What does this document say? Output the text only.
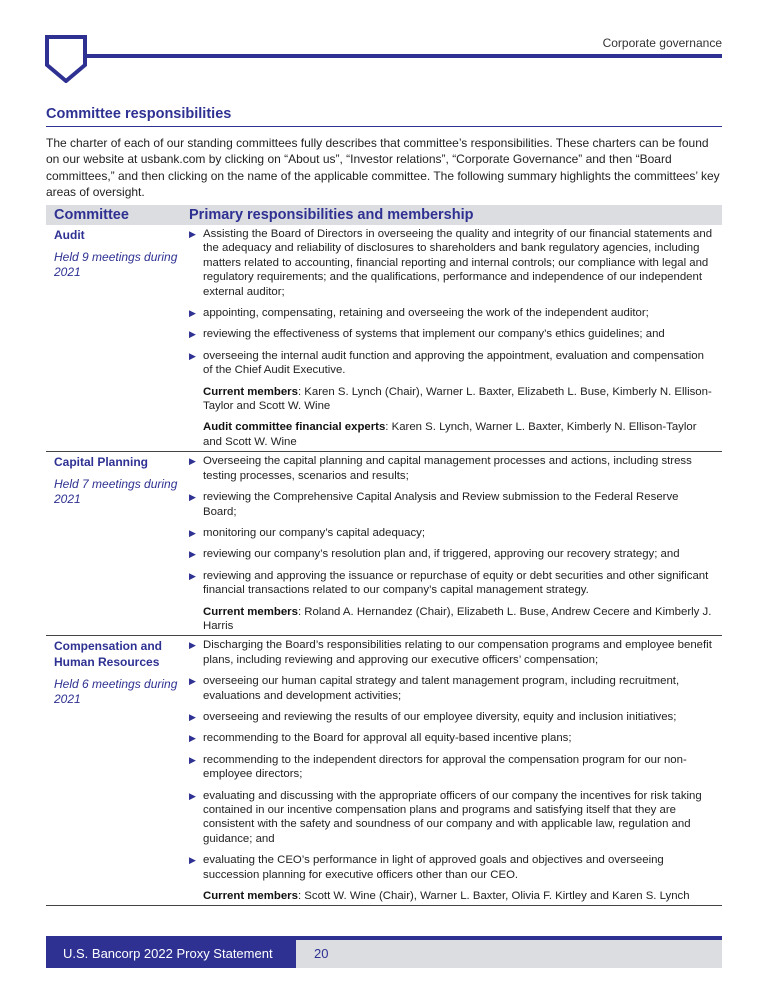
Corporate governance
Committee responsibilities

The charter of each of our standing committees fully describes that committee’s responsibilities. These charters can be found on our website at usbank.com by clicking on “About us”, “Investor relations”, “Corporate Governance” and then “Board committees,” and then clicking on the name of the applicable committee. The following summary highlights the committees’ key areas of oversight.

Committee	Primary responsibilities and membership
Audit
Held 9 meetings during 2021
▶ Assisting the Board of Directors in overseeing the quality and integrity of our financial statements and the adequacy and reliability of disclosures to shareholders and bank regulatory agencies, including matters related to accounting, financial reporting and internal controls; our compliance with legal and regulatory requirements; and the qualifications, performance and independence of our independent external auditor;
▶ appointing, compensating, retaining and overseeing the work of the independent auditor;
▶ reviewing the effectiveness of systems that implement our company’s ethics guidelines; and
▶ overseeing the internal audit function and approving the appointment, evaluation and compensation of the Chief Audit Executive.
Current members: Karen S. Lynch (Chair), Warner L. Baxter, Elizabeth L. Buse, Kimberly N. Ellison-Taylor and Scott W. Wine
Audit committee financial experts: Karen S. Lynch, Warner L. Baxter, Kimberly N. Ellison-Taylor and Scott W. Wine
Capital Planning
Held 7 meetings during 2021
▶ Overseeing the capital planning and capital management processes and actions, including stress testing processes, scenarios and results;
▶ reviewing the Comprehensive Capital Analysis and Review submission to the Federal Reserve Board;
▶ monitoring our company’s capital adequacy;
▶ reviewing our company’s resolution plan and, if triggered, approving our recovery strategy; and
▶ reviewing and approving the issuance or repurchase of equity or debt securities and other significant financial transactions related to our company’s capital management strategy.
Current members: Roland A. Hernandez (Chair), Elizabeth L. Buse, Andrew Cecere and Kimberly J. Harris
Compensation and Human Resources
Held 6 meetings during 2021
▶ Discharging the Board’s responsibilities relating to our compensation programs and employee benefit plans, including reviewing and approving our executive officers’ compensation;
▶ overseeing our human capital strategy and talent management program, including recruitment, evaluations and development activities;
▶ overseeing and reviewing the results of our employee diversity, equity and inclusion initiatives;
▶ recommending to the Board for approval all equity-based incentive plans;
▶ recommending to the independent directors for approval the compensation program for our non-employee directors;
▶ evaluating and discussing with the appropriate officers of our company the incentives for risk taking contained in our incentive compensation plans and programs and satisfying itself that they are consistent with the safety and soundness of our company and with applicable law, regulation and guidance; and
▶ evaluating the CEO’s performance in light of approved goals and objectives and overseeing succession planning for executive officers other than our CEO.
Current members: Scott W. Wine (Chair), Warner L. Baxter, Olivia F. Kirtley and Karen S. Lynch
U.S. Bancorp 2022 Proxy Statement	20
